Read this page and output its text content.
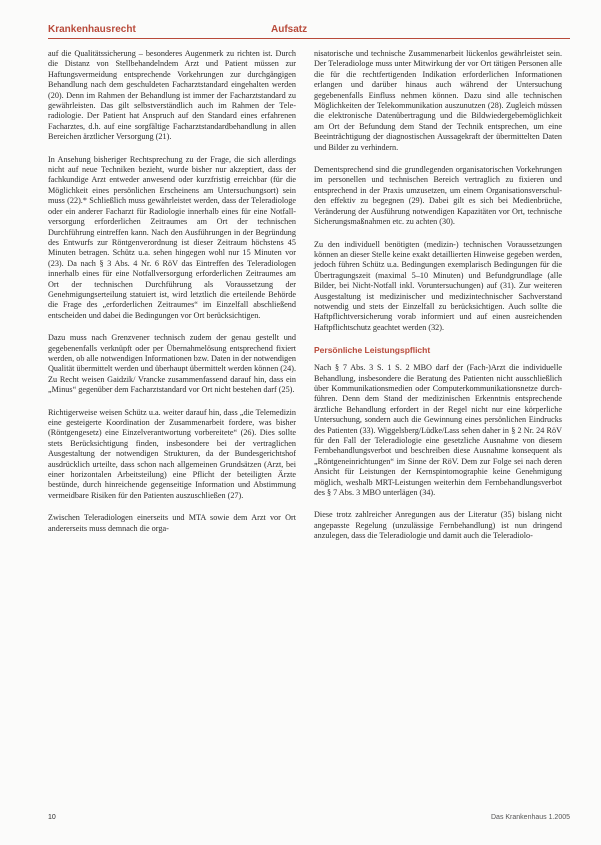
Krankenhausrecht	Aufsatz

auf die Qualitätssicherung – besonderes Augenmerk zu richten ist. Durch die Distanz von Stellbehandelndem Arzt und Patient müssen zur Haftungsvermeidung entsprechende Vorkehrungen zur durchgängigen Behandlung nach dem geschuldeten Facharztstandard eingehalten werden (20). Denn im Rahmen der Behandlung ist immer der Facharztstandard zu gewährleisten. Das gilt selbstverständlich auch im Rahmen der Teleradiologie. Der Patient hat Anspruch auf den Standard eines erfahrenen Facharztes, d.h. auf eine sorgfältige Facharztstandardbehandlung in allen Bereichen ärztlicher Versorgung (21).

In Ansehung bisheriger Rechtsprechung zu der Frage, die sich allerdings nicht auf neue Techniken bezieht, wurde bisher nur akzeptiert, dass der fachkundige Arzt entweder anwesend oder kurzfristig erreichbar (für die Möglichkeit eines persönlichen Erscheinens am Untersuchungsort) sein muss (22).* Schließlich muss gewährleistet werden, dass der Teleradiologe oder ein anderer Facharzt für Radiologie innerhalb eines für eine Notfallversorgung erforderlichen Zeitraumes am Ort der technischen Durchführung eintreffen kann. Nach den Ausführungen in der Begründung des Entwurfs zur Röntgenverordnung ist dieser Zeitraum höchstens 45 Minuten betragen. Schütz u.a. sehen hingegen wohl nur 15 Minuten vor (23). Da nach § 3 Abs. 4 Nr. 6 RöV das Eintreffen des Teleradiologen innerhalb eines für eine Notfallversorgung erforderlichen Zeitraumes am Ort der technischen Durchführung als Voraussetzung der Genehmigungserteilung statuiert ist, wird letztlich die erteilende Behörde die Frage des „erforderlichen Zeitraumes“ im Einzelfall abschließend entscheiden und dabei die Bedingungen vor Ort berücksichtigen.

Dazu muss nach Grenzvener technisch zudem der genau gestellt und gegebenenfalls verknüpft oder per Übernahmelösung entsprechend fixiert werden, ob alle notwendigen Informationen bzw. Daten in der notwendigen Qualität übermittelt werden und überhaupt übermittelt werden können (24). Zu Recht weisen Gaidzik/ Vrancke zusammenfassend darauf hin, dass ein „Minus“ gegenüber dem Facharztstandard vor Ort nicht bestehen darf (25).

Richtigerweise weisen Schütz u.a. weiter darauf hin, dass „die Telemedizin eine gesteigerte Koordination der Zusammenarbeit fordere, was bisher (Röntgengesetz) eine Einzelverantwortung vorbereitete“ (26). Dies sollte stets Berücksichtigung finden, insbesondere bei der vertraglichen Ausgestaltung der notwendigen Strukturen, da der Bundesgerichtshof ausdrücklich urteilte, dass schon nach allgemeinen Grundsätzen (Arzt, bei einer horizontalen Arbeitsteilung) eine Pflicht der beteiligten Ärzte bestünde, durch hinreichende gegenseitige Information und Abstimmung vermeidbare Risiken für den Patienten auszuschließen (27).

Zwischen Teleradiologen einerseits und MTA sowie dem Arzt vor Ort andererseits muss demnach die orga-

nisatorische und technische Zusammenarbeit lückenlos gewährleistet sein. Der Teleradiologe muss unter Mitwirkung der vor Ort tätigen Personen alle die für die rechtfertigenden Indikation erforderlichen Informationen erlangen und darüber hinaus auch während der Untersuchung gegebenenfalls Einfluss nehmen können. Dazu sind alle technischen Möglichkeiten der Telekommunikation auszunutzen (28). Zugleich müssen die elektronische Datenübertragung und die Bildwiedergebemöglichkeit am Ort der Befundung dem Stand der Technik entsprechen, um eine Beeinträchtigung der diagnostischen Aussagekraft der übermittelten Daten und Bilder zu verhindern.

Dementsprechend sind die grundlegenden organisatorischen Vorkehrungen im personellen und technischen Bereich vertraglich zu fixieren und entsprechend in der Praxis umzusetzen, um einem Organisationsverschulden effektiv zu begegnen (29). Dabei gilt es sich bei Medienbrüche, Veränderung der Ausführung notwendigen Kapazitäten vor Ort, technische Sicherungsmaßnahmen etc. zu achten (30).

Zu den individuell benötigten (medizin-) technischen Voraussetzungen können an dieser Stelle keine exakt detaillierten Hinweise gegeben werden, jedoch führen Schütz u.a. Bedingungen exemplarisch Bedingungen für die Übertragungszeit (maximal 5–10 Minuten) und Befundgrundlage (alle Bilder, bei Nicht-Notfall inkl. Voruntersuchungen) auf (31). Zur weiteren Ausgestaltung ist medizinischer und medizintechnischer Sachverstand notwendig und stets der Einzelfall zu berücksichtigen. Auch sollte die Haftpflichtversicherung vorab informiert und auf einen ausreichenden Haftpflichtschutz geachtet werden (32).

Persönliche Leistungspflicht

Nach § 7 Abs. 3 S. 1 S. 2 MBO darf der (Fach-)Arzt die individuelle Behandlung, insbesondere die Beratung des Patienten nicht ausschließlich über Kommunikationsmedien oder Computerkommunikationsnetze durchführen. Denn dem Stand der medizinischen Erkenntnis entsprechende ärztliche Behandlung erfordert in der Regel nicht nur eine körperliche Untersuchung, sondern auch die Gewinnung eines persönlichen Eindrucks des Patienten (33). Wiggelsberg/Lüdke/Lass sehen daher in § 2 Nr. 24 RöV für den Fall der Teleradiologie eine gesetzliche Ausnahme von diesem Fernbehandlungsverbot und beschreiben diese Ausnahme konsequent als „Röntgeneinrichtungen“ im Sinne der RöV. Dem zur Folge sei nach deren Ansicht für Leistungen der Kernspintomographie keine Genehmigung möglich, weshalb MRT-Leistungen weiterhin dem Fernbehandlungsverbot des § 7 Abs. 3 MBO unterlägen (34).

Diese trotz zahlreicher Anregungen aus der Literatur (35) bislang nicht angepasste Regelung (unzulässige Fernbehandlung) ist nun dringend anzulegen, dass die Teleradiologie und damit auch die Teleradiolo-

10	Das Krankenhaus 1.2005
